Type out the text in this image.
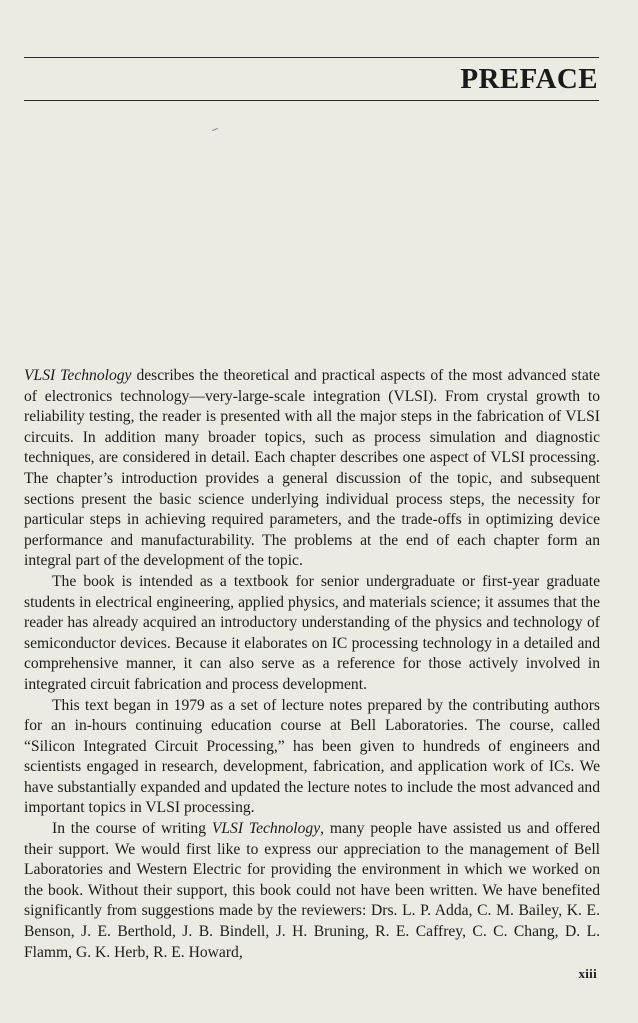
PREFACE

VLSI Technology describes the theoretical and practical aspects of the most advanced state of electronics technology—very-large-scale integration (VLSI). From crystal growth to reliability testing, the reader is presented with all the major steps in the fabrication of VLSI circuits. In addition many broader topics, such as process simulation and diagnostic techniques, are considered in detail. Each chapter describes one aspect of VLSI processing. The chapter’s introduction provides a general discussion of the topic, and subsequent sections present the basic science underlying individual process steps, the necessity for particular steps in achieving required parameters, and the trade-offs in optimizing device performance and manufacturability. The problems at the end of each chapter form an integral part of the development of the topic.

The book is intended as a textbook for senior undergraduate or first-year graduate students in electrical engineering, applied physics, and materials science; it assumes that the reader has already acquired an introductory understanding of the physics and technology of semiconductor devices. Because it elaborates on IC processing technology in a detailed and comprehensive manner, it can also serve as a reference for those actively involved in integrated circuit fabrication and process development.

This text began in 1979 as a set of lecture notes prepared by the contributing authors for an in-hours continuing education course at Bell Laboratories. The course, called “Silicon Integrated Circuit Processing,” has been given to hundreds of engineers and scientists engaged in research, development, fabrication, and application work of ICs. We have substantially expanded and updated the lecture notes to include the most advanced and important topics in VLSI processing.

In the course of writing VLSI Technology, many people have assisted us and offered their support. We would first like to express our appreciation to the management of Bell Laboratories and Western Electric for providing the environment in which we worked on the book. Without their support, this book could not have been written. We have benefited significantly from suggestions made by the reviewers: Drs. L. P. Adda, C. M. Bailey, K. E. Benson, J. E. Berthold, J. B. Bindell, J. H. Bruning, R. E. Caffrey, C. C. Chang, D. L. Flamm, G. K. Herb, R. E. Howard,

xiii
